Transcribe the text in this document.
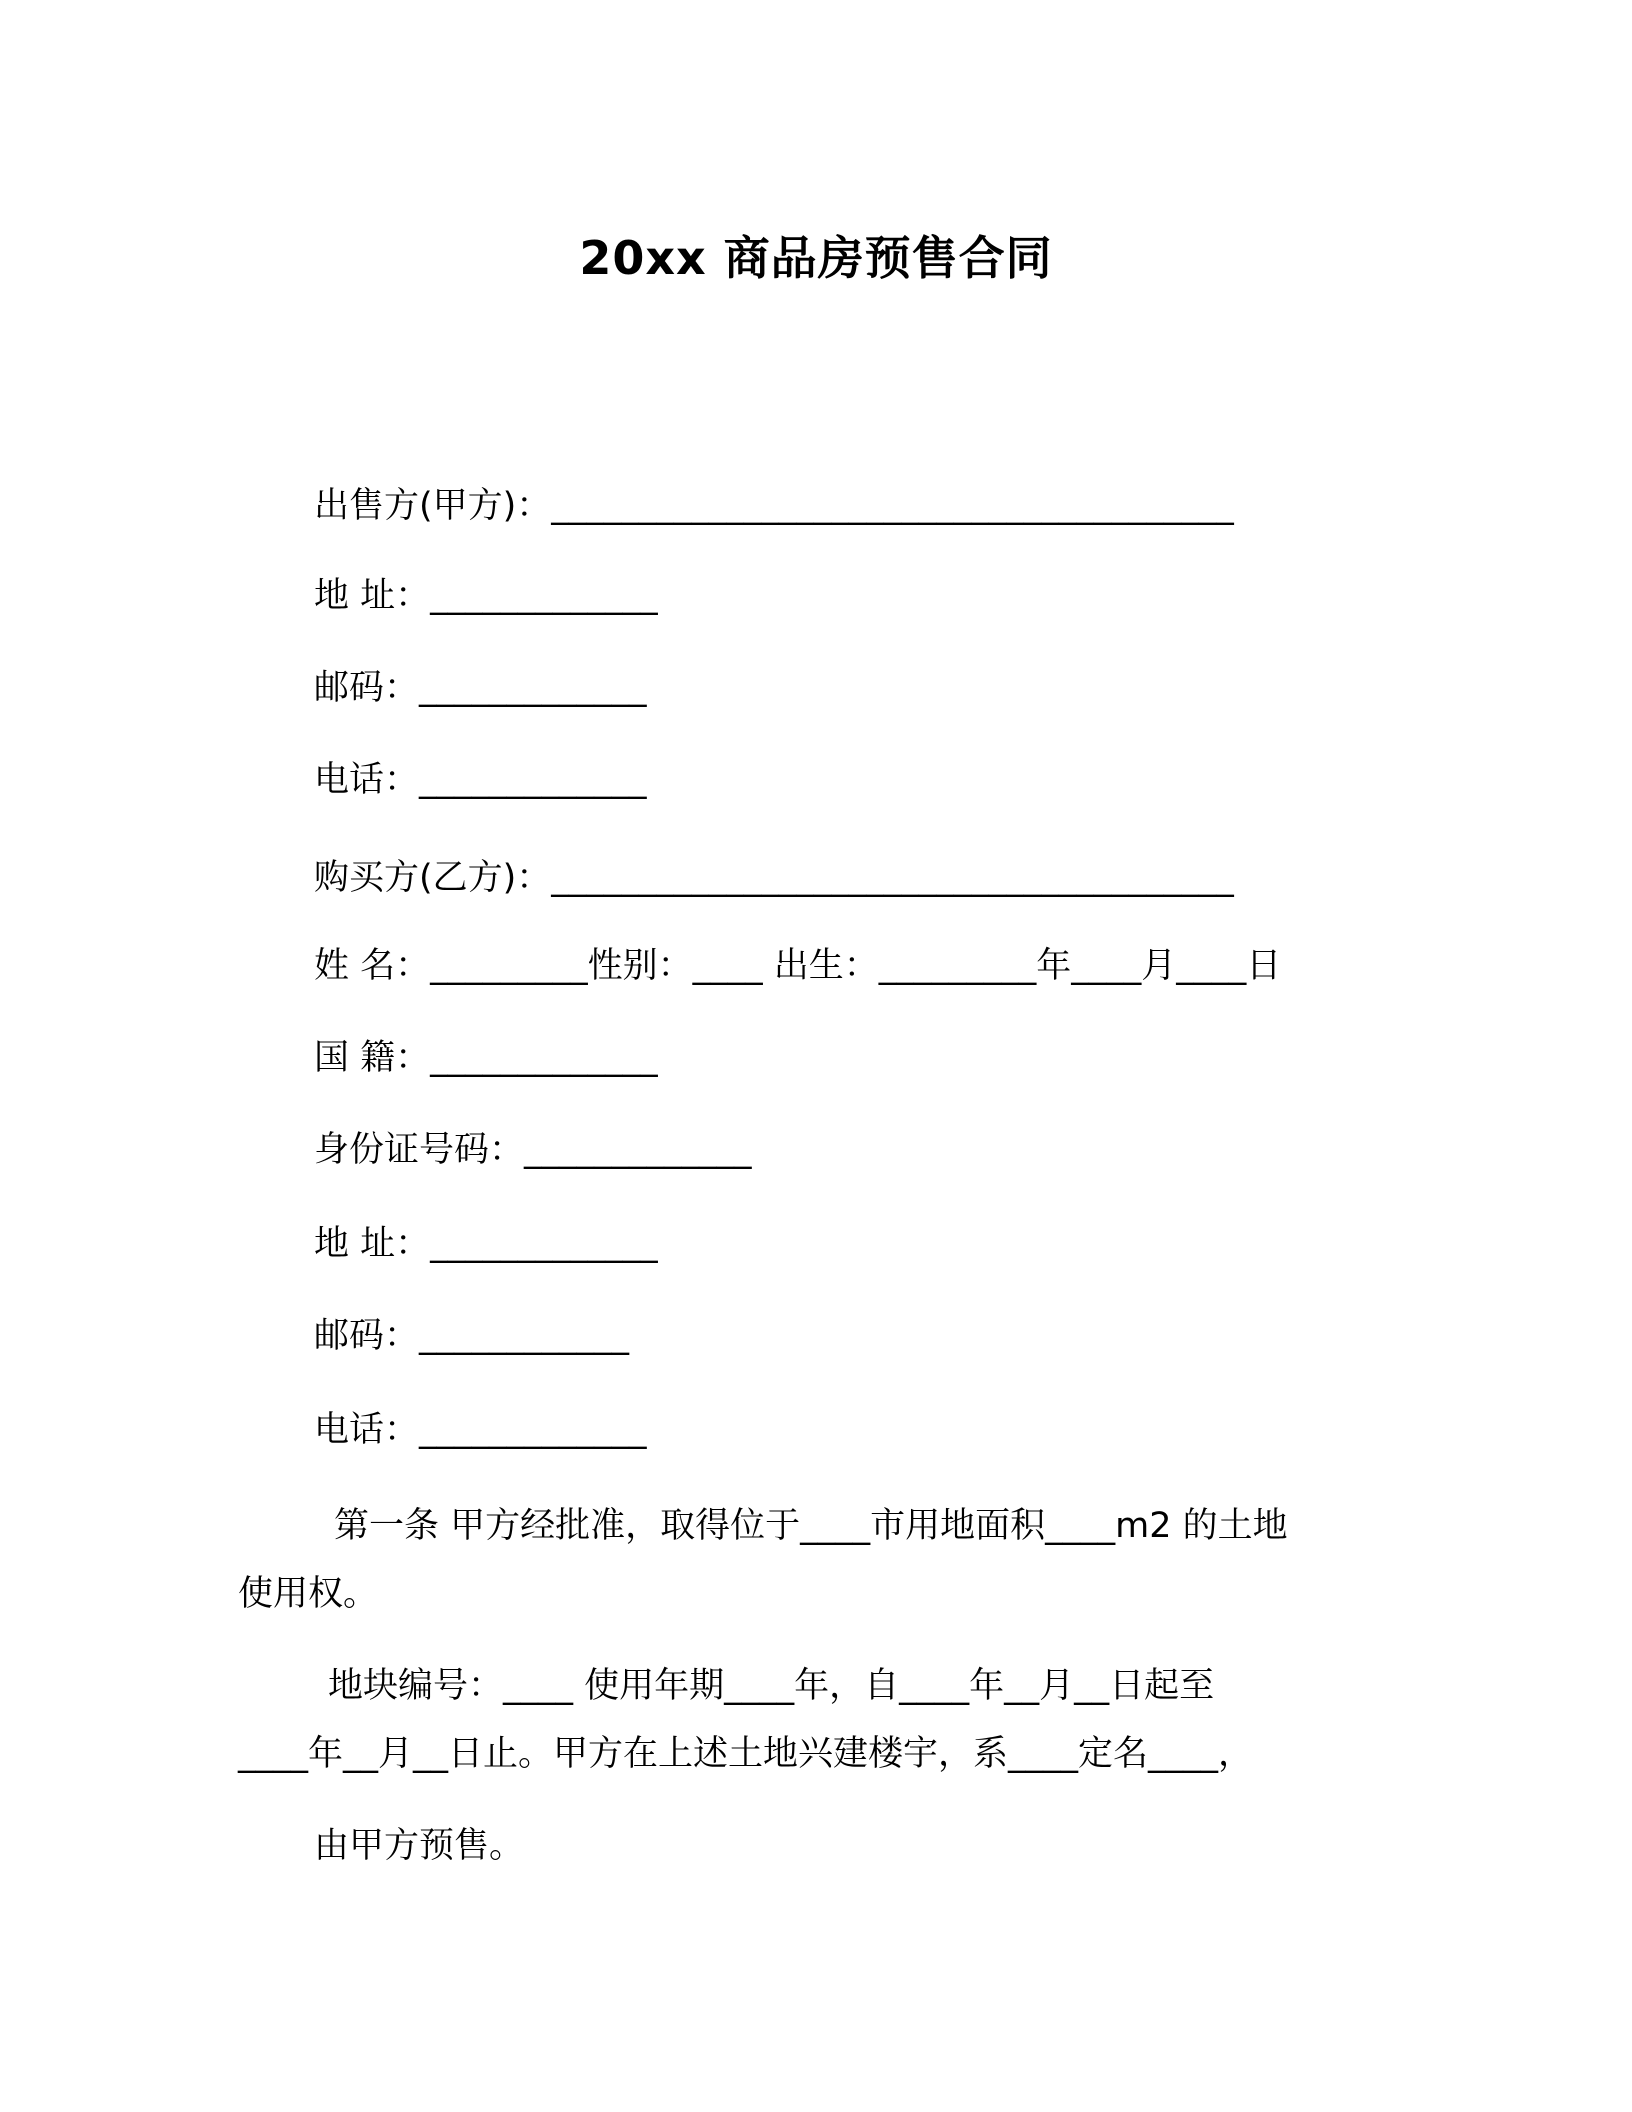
20xx 商品房预售合同
出售方(甲方)：_______________________________________
地 址：_____________
邮码：_____________
电话：_____________
购买方(乙方)：_______________________________________
姓 名：_________性别：____ 出生：_________年____月____日
国 籍：_____________
身份证号码：_____________
地 址：_____________
邮码：____________
电话：_____________
第一条 甲方经批准，取得位于____市用地面积____m2 的土地
使用权。
地块编号：____ 使用年期____年，自____年__月__日起至
____年__月__日止。甲方在上述土地兴建楼宇，系____定名____，
由甲方预售。
